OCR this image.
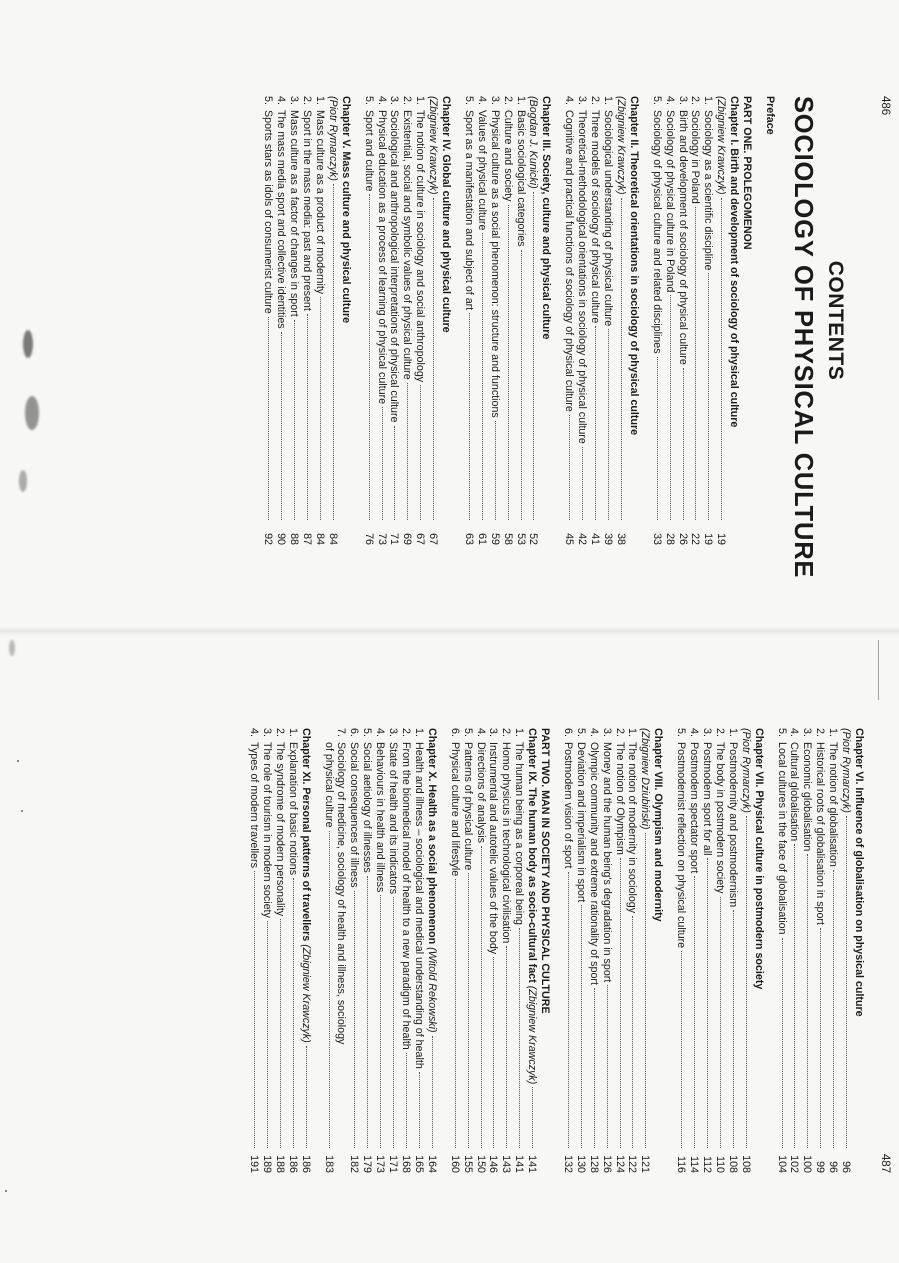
486
CONTENTS
SOCIOLOGY OF PHYSICAL CULTURE
Preface
PART ONE. PROLEGOMENON
Chapter I. Birth and development of sociology of physical culture
(Zbigniew Krawczyk)
19
1.
Sociology as a scientific discipline
19
2.
Sociology in Poland
22
3.
Birth and development of sociology of physical culture
26
4.
Sociology of physical culture in Poland
28
5.
Sociology of physical culture and related disciplines
33
Chapter II. Theoretical orientations in sociology of physical culture
(Zbigniew Krawczyk)
38
1.
Sociological understanding of physical culture
39
2.
Three models of sociology of physical culture
41
3.
Theoretical-methodological orientations in sociology of physical culture
42
4.
Cognitive and practical functions of sociology of physical culture
45
Chapter III. Society, culture and physical culture
(Bogdan J. Kunicki)
52
1.
Basic sociological categories
53
2.
Culture and society
58
3.
Physical culture as a social phenomenon: structure and functions
59
4.
Values of physical culture
61
5.
Sport as a manifestation and subject of art
63
Chapter IV. Global culture and physical culture
(Zbigniew Krawczyk)
67
1.
The notion of culture in sociology and social anthropology
67
2.
Existential, social and symbolic values of physical culture
69
3.
Sociological and anthropological interpretations of physical culture
71
4.
Physical education as a process of learning of physical culture
73
5.
Sport and culture
76
Chapter V. Mass culture and physical culture
(Piotr Rymarczyk)
84
1.
Mass culture as a product of modernity
84
2.
Sport in the mass media: past and present
87
3.
Mass culture as a factor of changes in sport
88
4.
The mass media sport and collective identities
90
5.
Sports stars as idols of consumerist culture
92
487
Chapter VI. Influence of globalisation on physical culture
(Piotr Rymarczyk)
96
1.
The notion of globalisation
96
2.
Historical roots of globalisation in sport
99
3.
Economic globalisation
100
4.
Cultural globalisation
102
5.
Local cultures in the face of globalisation
104
Chapter VII. Physical culture in postmodern society
(Piotr Rymarczyk)
108
1.
Postmodernity and postmodernism
108
2.
The body in postmodern society
110
3.
Postmodern sport for all
112
4.
Postmodern spectator sport
114
5.
Postmodernist reflection on physical culture
116
Chapter VIII. Olympism and modernity
(Zbigniew Dziubiński)
121
1.
The notion of modernity in sociology
122
2.
The notion of Olympism
124
3.
Money and the human being's degradation in sport
126
4.
Olympic community and extreme rationality of sport
128
5.
Deviation and imperialism in sport
130
6.
Postmodern vision of sport
132
PART TWO. MAN IN SOCIETY AND PHYSICAL CULTURE
Chapter IX. The human body as socio-cultural fact

(Zbigniew Krawczyk)
141
1.
The human being as a corporeal being
141
2.
Homo physicus in technological civilisation
143
3.
Instrumental and autotelic values of the body
146
4.
Directions of analysis
150
5.
Patterns of physical culture
155
6.
Physical culture and lifestyle
160
Chapter X. Health as a social phenomenon

(Witold Rekowski)
164
1.
Health and illness – sociological and medical understanding of health
165
2.
From the biomedical model of health to a new paradigm of health
168
3.
State of health and its indicators
171
4.
Behaviours in health and illness
173
5.
Social aetiology of illnesses
179
6.
Social consequences of illness
182
7.
Sociology of medicine, sociology of health and illness, sociology
of physical culture
183
Chapter XI. Personal patterns of travellers

(Zbigniew Krawczyk)
186
1.
Explanation of basic notions
186
2.
The syndrome of modern personality
188
3.
The role of tourism in modern society
189
4.
Types of modern travellers
191
